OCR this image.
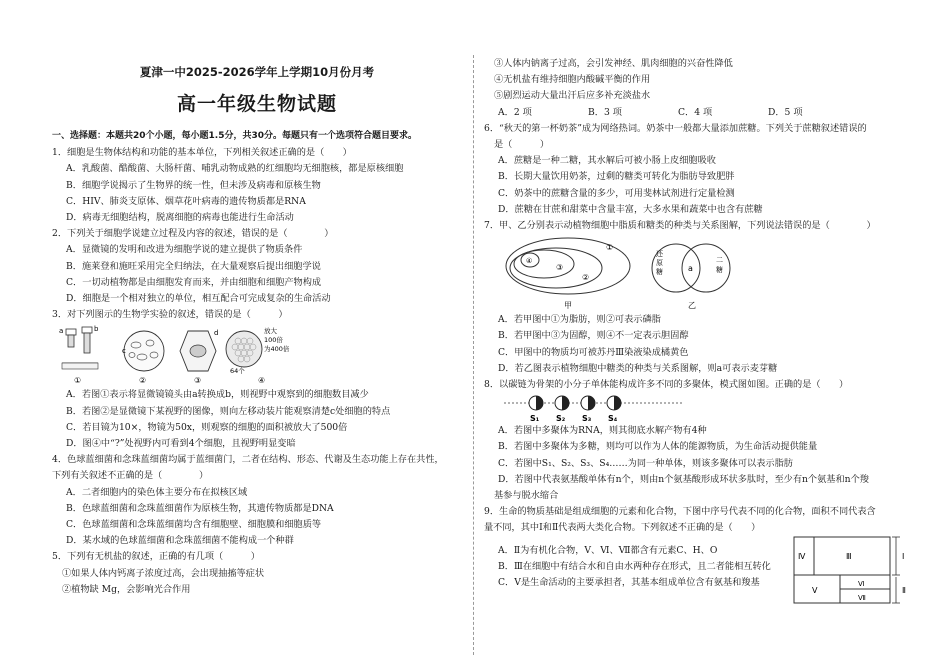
夏津一中2025-2026学年上学期10月份月考
高一年级生物试题
一、选择题：本题共20个小题，每小题1.5分，共30分。每题只有一个选项符合题目要求。
1．细胞是生物体结构和功能的基本单位，下列相关叙述正确的是（　　）
A．乳酸菌、酷酸菌、大肠杆菌、哺乳动物成熟的红细胞均无细胞核，都是原核细胞
B．细胞学说揭示了生物界的统一性，但未涉及病毒和原核生物
C．HIV、肺炎支原体、烟草花叶病毒的遗传物质都是RNA
D．病毒无细胞结构，脱离细胞的病毒也能进行生命活动
2．下列关于细胞学说建立过程及内容的叙述，错误的是（　　　　）
A．显微镜的发明和改进为细胞学说的建立提供了物质条件
B．施莱登和施旺采用完全归纳法，在大量观察后提出细胞学说
C．一切动植物都是由细胞发育而来，并由细胞和细胞产物构成
D．细胞是一个相对独立的单位，相互配合可完成复杂的生命活动
3．对下列图示的生物学实验的叙述，错误的是（　　　）
a	b
①
c
②
d
③
放大
100倍
为400倍
64个
④
A．若图①表示将显微镜镜头由a转换成b，则视野中观察到的细胞数目减少
B．若图②是显微镜下某视野的图像，则向左移动装片能观察清楚c处细胞的特点
C．若目镜为10×，物镜为50x，则观察的细胞的面积被放大了500倍
D．图④中“?”处视野内可看到4个细胞，且视野明显变暗
4．色球蓝细菌和念珠蓝细菌均属于蓝细菌门，二者在结构、形态、代谢及生态功能上存在共性，
下列有关叙述不正确的是（　　　　）
A．二者细胞内的染色体主要分布在拟核区域
B．色球蓝细菌和念珠蓝细菌作为原核生物，其遗传物质都是DNA
C．色球蓝细菌和念珠蓝细菌均含有细胞壁、细胞膜和细胞质等
D．某水域的色球蓝细菌和念珠蓝细菌不能构成一个种群
5．下列有无机盐的叙述，正确的有几项（　　　）
①如果人体内钙离子浓度过高，会出现抽搐等症状
②植物缺 Mg，会影响光合作用
③人体内钠离子过高，会引发神经、肌肉细胞的兴奋性降低
④无机盐有维持细胞内酸碱平衡的作用
⑤剧烈运动大量出汗后应多补充淡盐水
A．2 项	B．3 项	C．4 项	D．5 项
6．“秋天的第一杯奶茶”成为网络热词。奶茶中一般都大量添加蔗糖。下列关于蔗糖叙述错误的
是（　　　）
A．蔗糖是一种二糖，其水解后可被小肠上皮细胞吸收
B．长期大量饮用奶茶，过剩的糖类可转化为脂肪导致肥胖
C．奶茶中的蔗糖含量的多少，可用斐林试剂进行定量检测
D．蔗糖在甘蔗和甜菜中含量丰富，大多水果和蔬菜中也含有蔗糖
7．甲、乙分别表示动植物细胞中脂质和糖类的种类与关系图解，下列说法错误的是（　　　　）
①
②
③
④
甲
还原糖	a
二糖
乙
A．若甲图中①为脂肪，则②可表示磷脂
B．若甲图中③为固醇，则④不一定表示胆固醇
C．甲图中的物质均可被苏丹Ⅲ染液染成橘黄色
D．若乙图表示植物细胞中糖类的种类与关系图解，则a可表示麦芽糖
8．以碳链为骨架的小分子单体能构成许多不同的多聚体，模式图如图。正确的是（　　）
S₁ S₂ S₃ S₄
A．若图中多聚体为RNA，则其彻底水解产物有4种
B．若图中多聚体为多糖，则均可以作为人体的能源物质，为生命活动提供能量
C．若图中S₁、S₂、S₃、S₄……为同一种单体，则该多聚体可以表示脂肪
D．若图中代表氨基酸单体有n个，则由n个氨基酸形成环状多肽时，至少有n个氨基和n个羧
基参与脱水缩合
9．生命的物质基础是组成细胞的元素和化合物，下图中序号代表不同的化合物，面积不同代表含
量不同，其中Ⅰ和Ⅱ代表两大类化合物。下列叙述不正确的是（　　）
A．Ⅱ为有机化合物，Ⅴ、Ⅵ、Ⅶ都含有元素C、H、O
B．Ⅲ在细胞中有结合水和自由水两种存在形式，且二者能相互转化
C．Ⅴ是生命活动的主要承担者，其基本组成单位含有氨基和羧基
Ⅳ	Ⅲ	Ⅰ
Ⅴ
Ⅵ
Ⅶ
Ⅱ
